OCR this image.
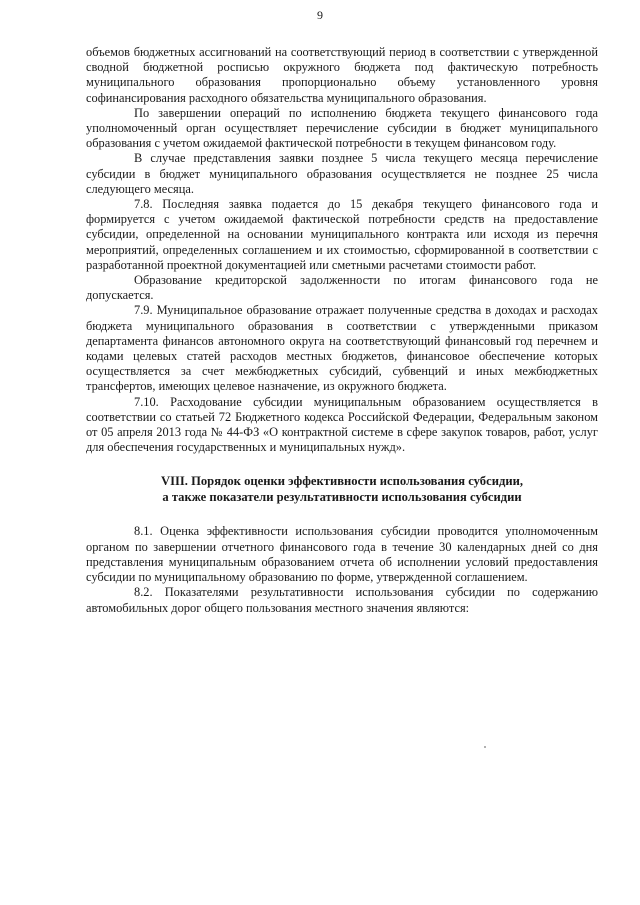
9

объемов бюджетных ассигнований на соответствующий период в соответствии с утвержденной сводной бюджетной росписью окружного бюджета под фактическую потребность муниципального образования пропорционально объему установленного уровня софинансирования расходного обязательства муниципального образования.

По завершении операций по исполнению бюджета текущего финансового года уполномоченный орган осуществляет перечисление субсидии в бюджет муниципального образования с учетом ожидаемой фактической потребности в текущем финансовом году.

В случае представления заявки позднее 5 числа текущего месяца перечисление субсидии в бюджет муниципального образования осуществляется не позднее 25 числа следующего месяца.

7.8. Последняя заявка подается до 15 декабря текущего финансового года и формируется с учетом ожидаемой фактической потребности средств на предоставление субсидии, определенной на основании муниципального контракта или исходя из перечня мероприятий, определенных соглашением и их стоимостью, сформированной в соответствии с разработанной проектной документацией или сметными расчетами стоимости работ.

Образование кредиторской задолженности по итогам финансового года не допускается.

7.9. Муниципальное образование отражает полученные средства в доходах и расходах бюджета муниципального образования в соответствии с утвержденными приказом департамента финансов автономного округа на соответствующий финансовый год перечнем и кодами целевых статей расходов местных бюджетов, финансовое обеспечение которых осуществляется за счет межбюджетных субсидий, субвенций и иных межбюджетных трансфертов, имеющих целевое назначение, из окружного бюджета.

7.10. Расходование субсидии муниципальным образованием осуществляется в соответствии со статьей 72 Бюджетного кодекса Российской Федерации, Федеральным законом от 05 апреля 2013 года № 44-ФЗ «О контрактной системе в сфере закупок товаров, работ, услуг для обеспечения государственных и муниципальных нужд».

VIII. Порядок оценки эффективности использования субсидии,
а также показатели результативности использования субсидии

8.1. Оценка эффективности использования субсидии проводится уполномоченным органом по завершении отчетного финансового года в течение 30 календарных дней со дня представления муниципальным образованием отчета об исполнении условий предоставления субсидии по муниципальному образованию по форме, утвержденной соглашением.

8.2. Показателями результативности использования субсидии по содержанию автомобильных дорог общего пользования местного значения являются:
